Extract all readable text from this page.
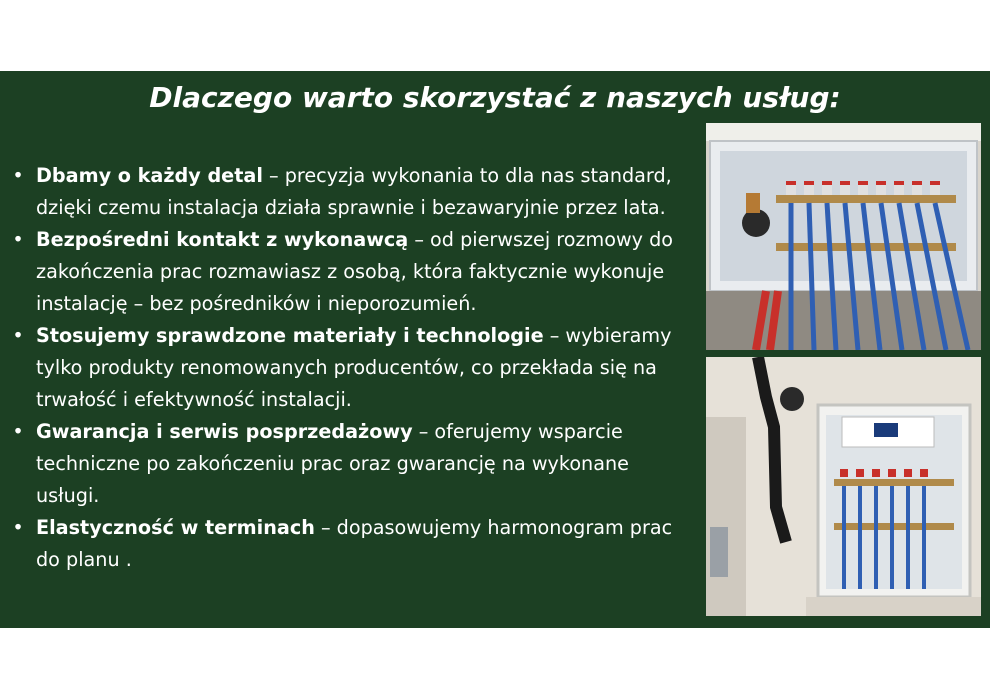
Dlaczego warto skorzystać z naszych usług:
• Dbamy o każdy detal – precyzja wykonania to dla nas standard, dzięki czemu instalacja działa sprawnie i bezawaryjnie przez lata.
• Bezpośredni kontakt z wykonawcą – od pierwszej rozmowy do zakończenia prac rozmawiasz z osobą, która faktycznie wykonuje instalację – bez pośredników i nieporozumień.
• Stosujemy sprawdzone materiały i technologie – wybieramy tylko produkty renomowanych producentów, co przekłada się na trwałość i efektywność instalacji.
• Gwarancja i serwis posprzedażowy – oferujemy wsparcie techniczne po zakończeniu prac oraz gwarancję na wykonane usługi.
• Elastyczność w terminach – dopasowujemy harmonogram prac do planu .
